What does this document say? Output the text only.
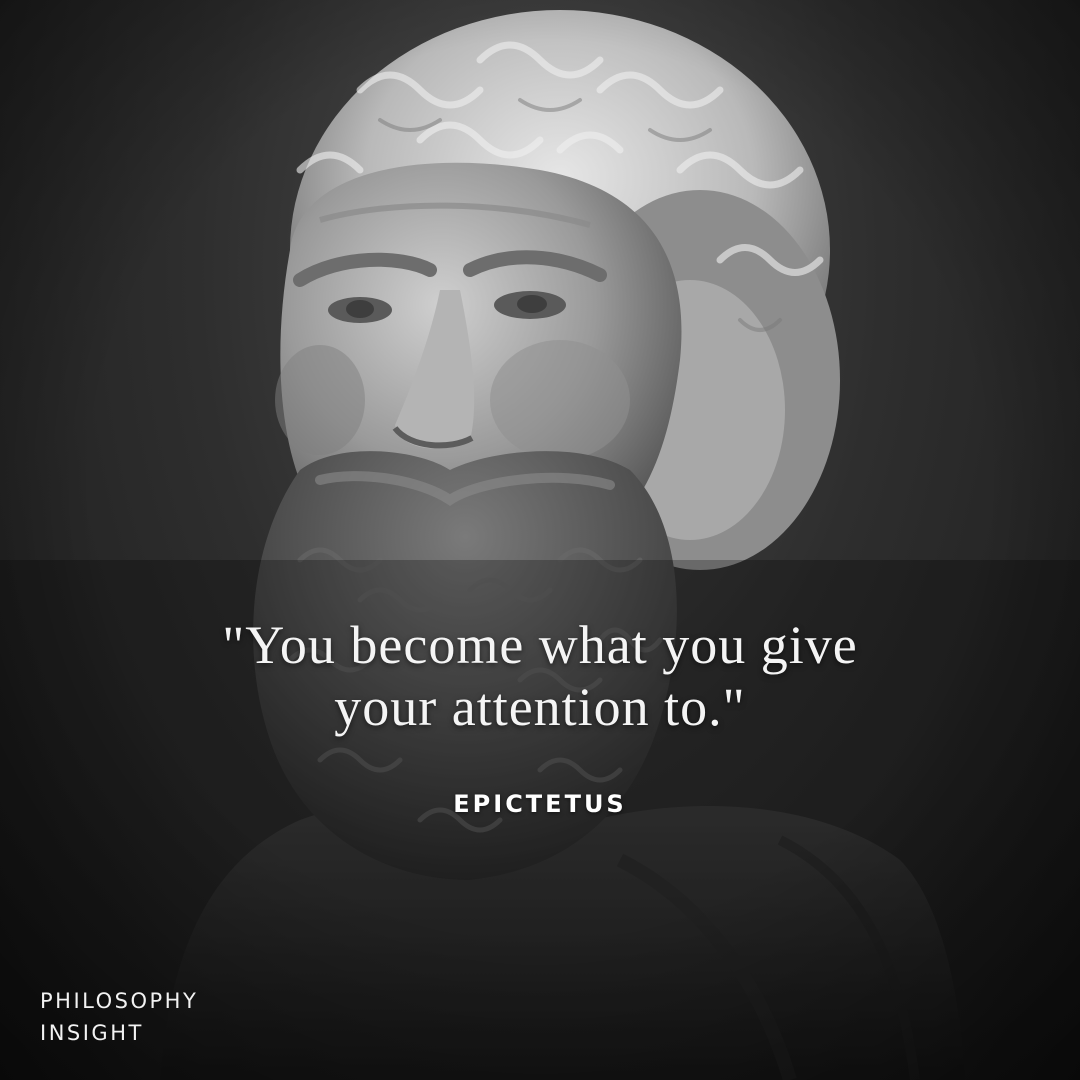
"You become what you give
your attention to."

EPICTETUS
PHILOSOPHY
INSIGHT
